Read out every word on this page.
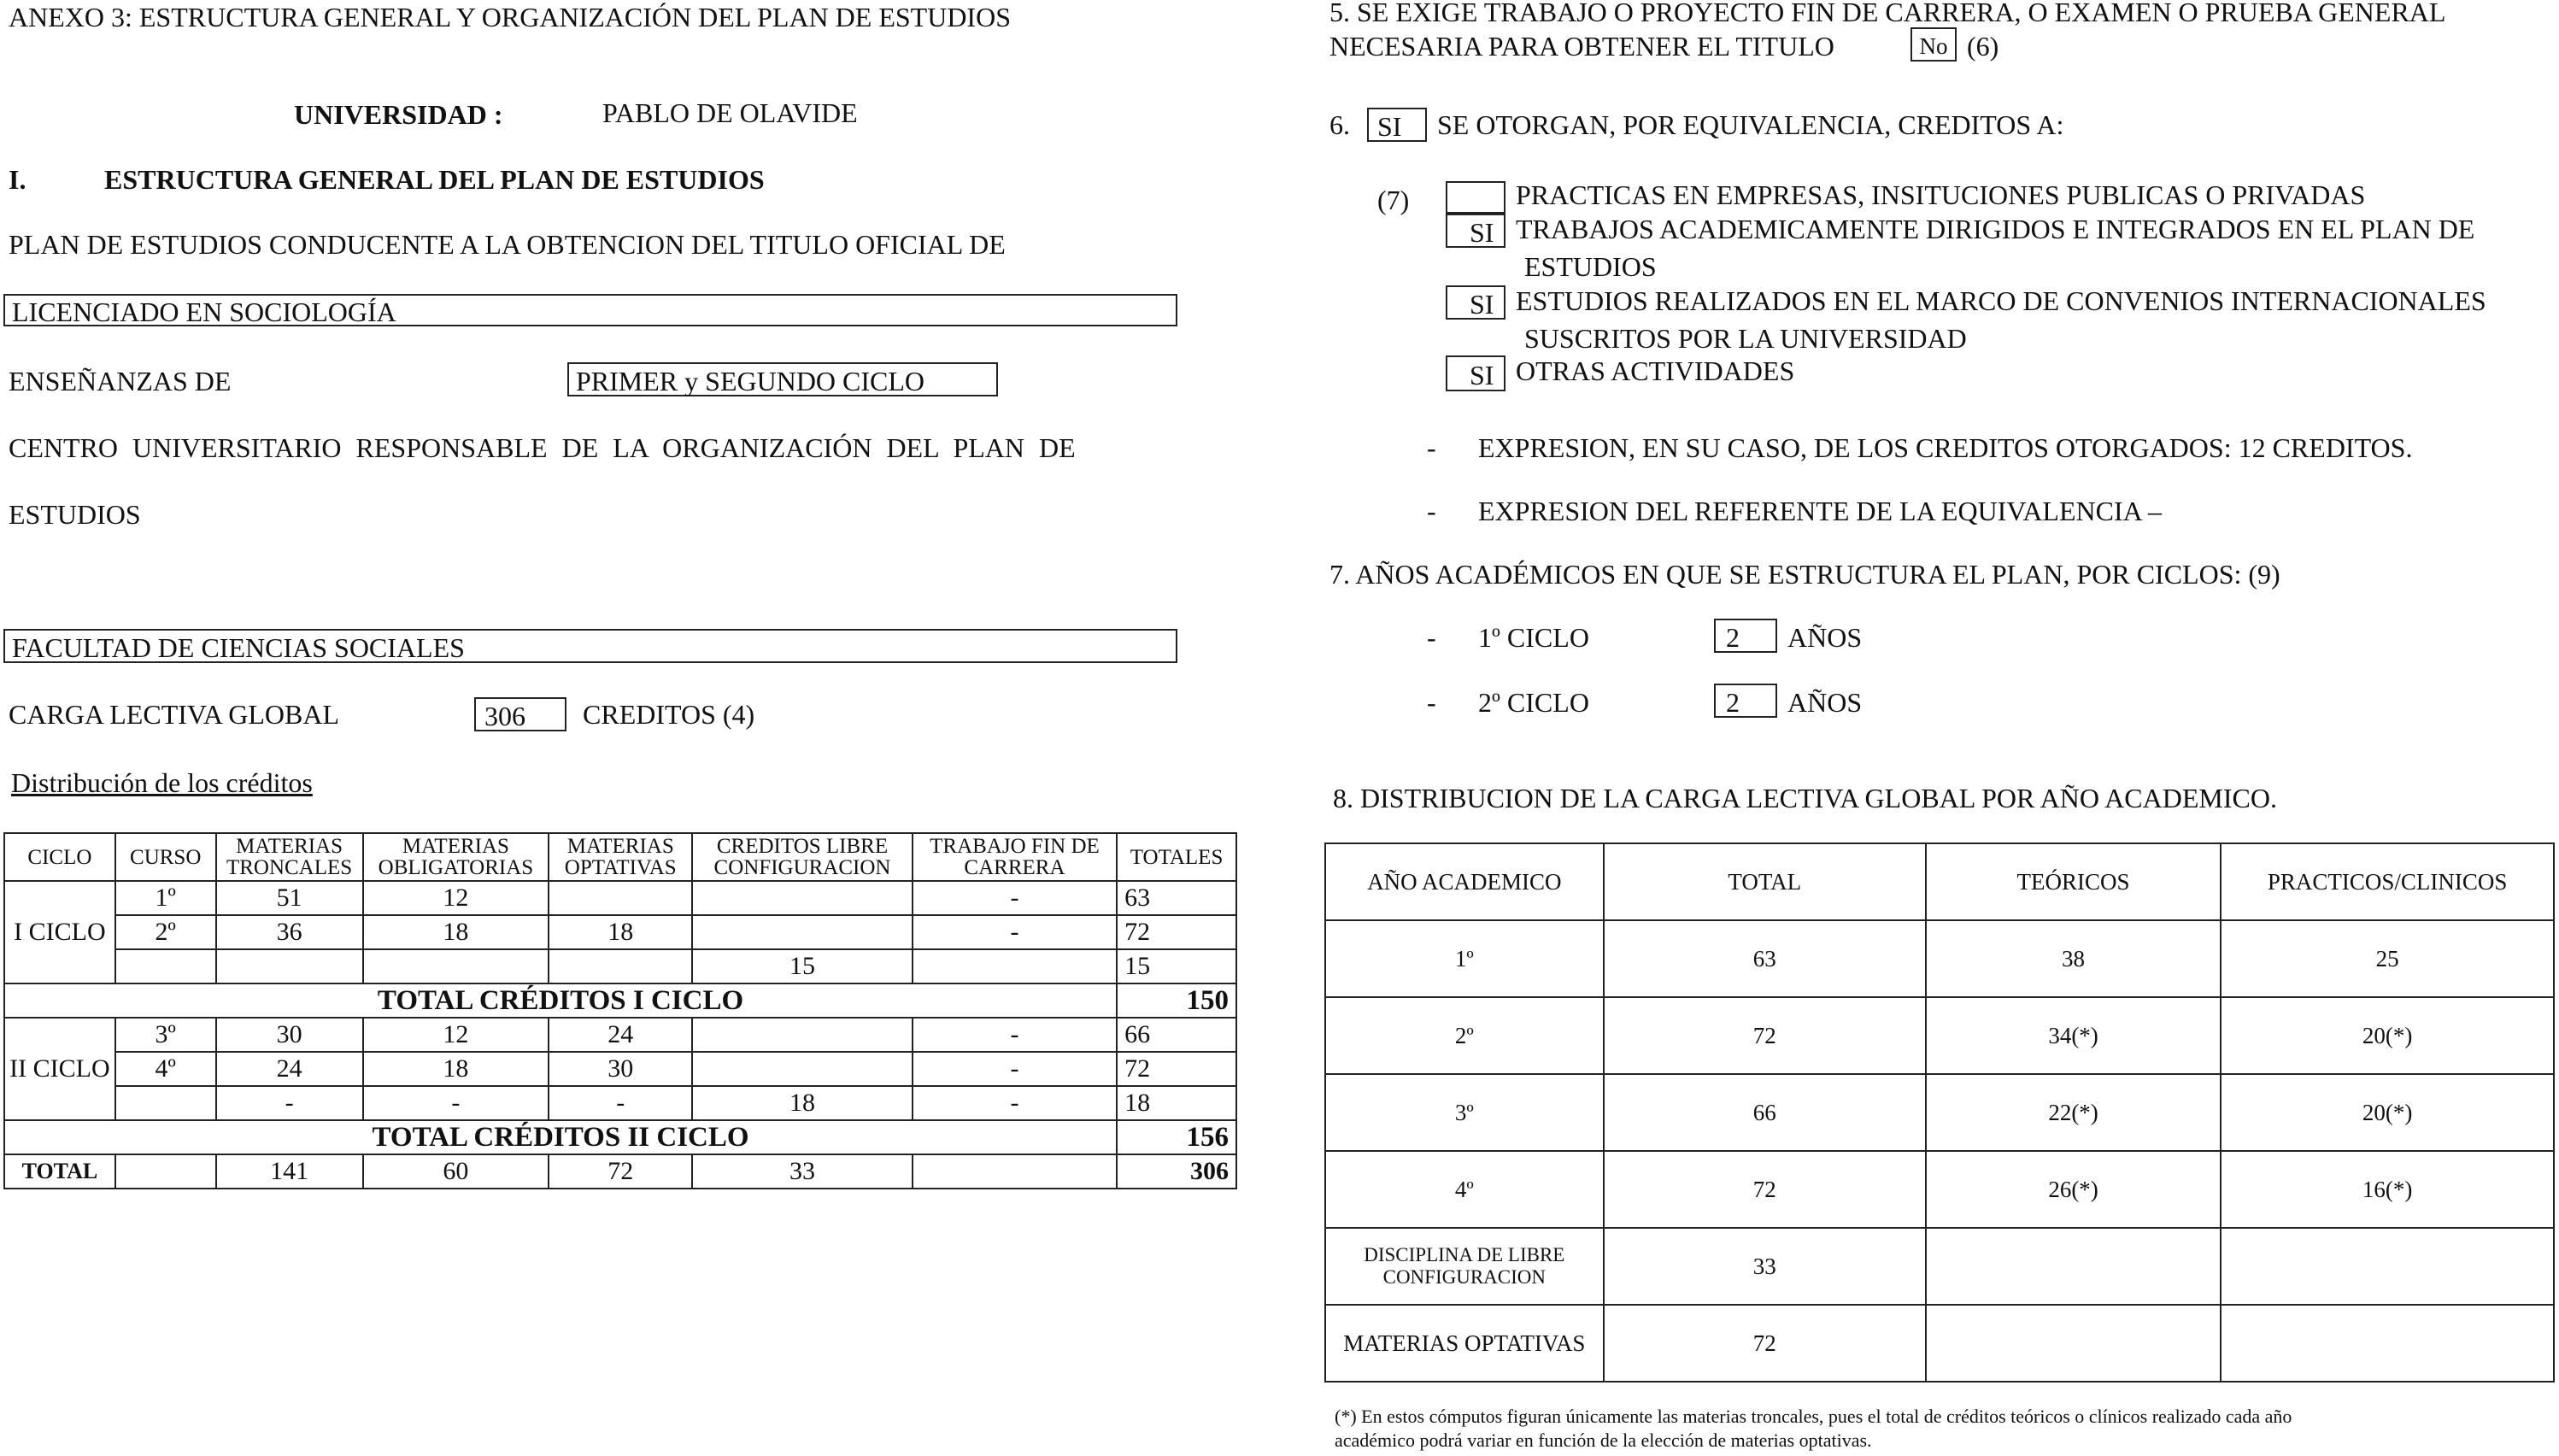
ANEXO 3: ESTRUCTURA GENERAL Y ORGANIZACIÓN DEL PLAN DE ESTUDIOS
UNIVERSIDAD :	PABLO DE OLAVIDE
I.	ESTRUCTURA GENERAL DEL PLAN DE ESTUDIOS
PLAN DE ESTUDIOS CONDUCENTE A LA OBTENCION DEL TITULO OFICIAL DE
LICENCIADO EN SOCIOLOGÍA
ENSEÑANZAS DE	PRIMER y SEGUNDO CICLO
CENTRO UNIVERSITARIO RESPONSABLE DE LA ORGANIZACIÓN DEL PLAN DE
ESTUDIOS
FACULTAD DE CIENCIAS SOCIALES
CARGA LECTIVA GLOBAL	306	CREDITOS (4)
Distribución de los créditos
CICLO	CURSO	MATERIAS TRONCALES	MATERIAS OBLIGATORIAS	MATERIAS OPTATIVAS	CREDITOS LIBRE CONFIGURACION	TRABAJO FIN DE CARRERA	TOTALES
I CICLO	1º	51	12			-	63
	2º	36	18	18		-	72
					15		15
TOTAL CRÉDITOS I CICLO							150
II CICLO	3º	30	12	24		-	66
	4º	24	18	30		-	72
		-	-	-	18	-	18
TOTAL CRÉDITOS II CICLO							156
TOTAL		141	60	72	33		306
5. SE EXIGE TRABAJO O PROYECTO FIN DE CARRERA, O EXAMEN O PRUEBA GENERAL
NECESARIA PARA OBTENER EL TITULO	No (6)
6.	SI	SE OTORGAN, POR EQUIVALENCIA, CREDITOS A:
(7)	PRACTICAS EN EMPRESAS, INSITUCIONES PUBLICAS O PRIVADAS
SI TRABAJOS ACADEMICAMENTE DIRIGIDOS E INTEGRADOS EN EL PLAN DE
ESTUDIOS
SI ESTUDIOS REALIZADOS EN EL MARCO DE CONVENIOS INTERNACIONALES
SUSCRITOS POR LA UNIVERSIDAD
SI OTRAS ACTIVIDADES
- EXPRESION, EN SU CASO, DE LOS CREDITOS OTORGADOS: 12 CREDITOS.
- EXPRESION DEL REFERENTE DE LA EQUIVALENCIA –
7. AÑOS ACADÉMICOS EN QUE SE ESTRUCTURA EL PLAN, POR CICLOS: (9)
- 1º CICLO	2	AÑOS
- 2º CICLO	2	AÑOS
8. DISTRIBUCION DE LA CARGA LECTIVA GLOBAL POR AÑO ACADEMICO.
AÑO ACADEMICO	TOTAL	TEÓRICOS	PRACTICOS/CLINICOS
1º	63	38	25
2º	72	34(*)	20(*)
3º	66	22(*)	20(*)
4º	72	26(*)	16(*)

DISCIPLINA DE LIBRE
CONFIGURACION	33		
MATERIAS OPTATIVAS	72		
(*) En estos cómputos figuran únicamente las materias troncales, pues el total de créditos teóricos o clínicos realizado cada año
académico podrá variar en función de la elección de materias optativas.
